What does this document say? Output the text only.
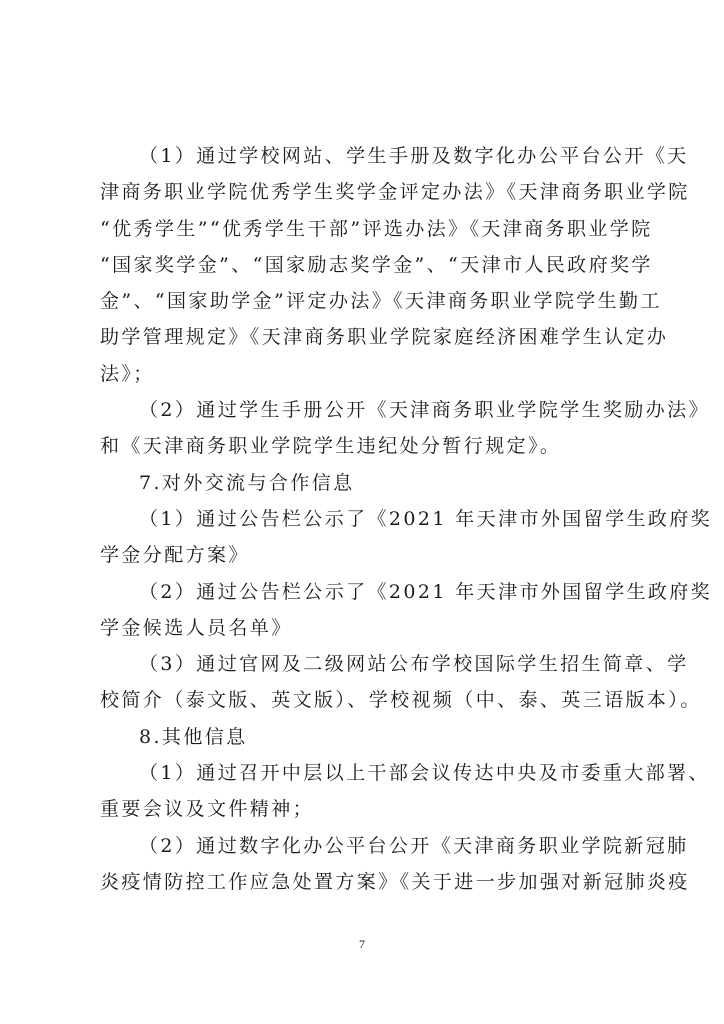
（1）通过学校网站、学生手册及数字化办公平台公开《天
津商务职业学院优秀学生奖学金评定办法》《天津商务职业学院
“优秀学生”“优秀学生干部”评选办法》《天津商务职业学院
“国家奖学金”、“国家励志奖学金”、“天津市人民政府奖学
金”、“国家助学金”评定办法》《天津商务职业学院学生勤工
助学管理规定》《天津商务职业学院家庭经济困难学生认定办
法》；
（2）通过学生手册公开《天津商务职业学院学生奖励办法》
和《天津商务职业学院学生违纪处分暂行规定》。
7.对外交流与合作信息
（1）通过公告栏公示了《2021 年天津市外国留学生政府奖
学金分配方案》
（2）通过公告栏公示了《2021 年天津市外国留学生政府奖
学金候选人员名单》
（3）通过官网及二级网站公布学校国际学生招生简章、学
校简介（泰文版、英文版）、学校视频（中、泰、英三语版本）。
8.其他信息
（1）通过召开中层以上干部会议传达中央及市委重大部署、
重要会议及文件精神；
（2）通过数字化办公平台公开《天津商务职业学院新冠肺
炎疫情防控工作应急处置方案》《关于进一步加强对新冠肺炎疫
7
